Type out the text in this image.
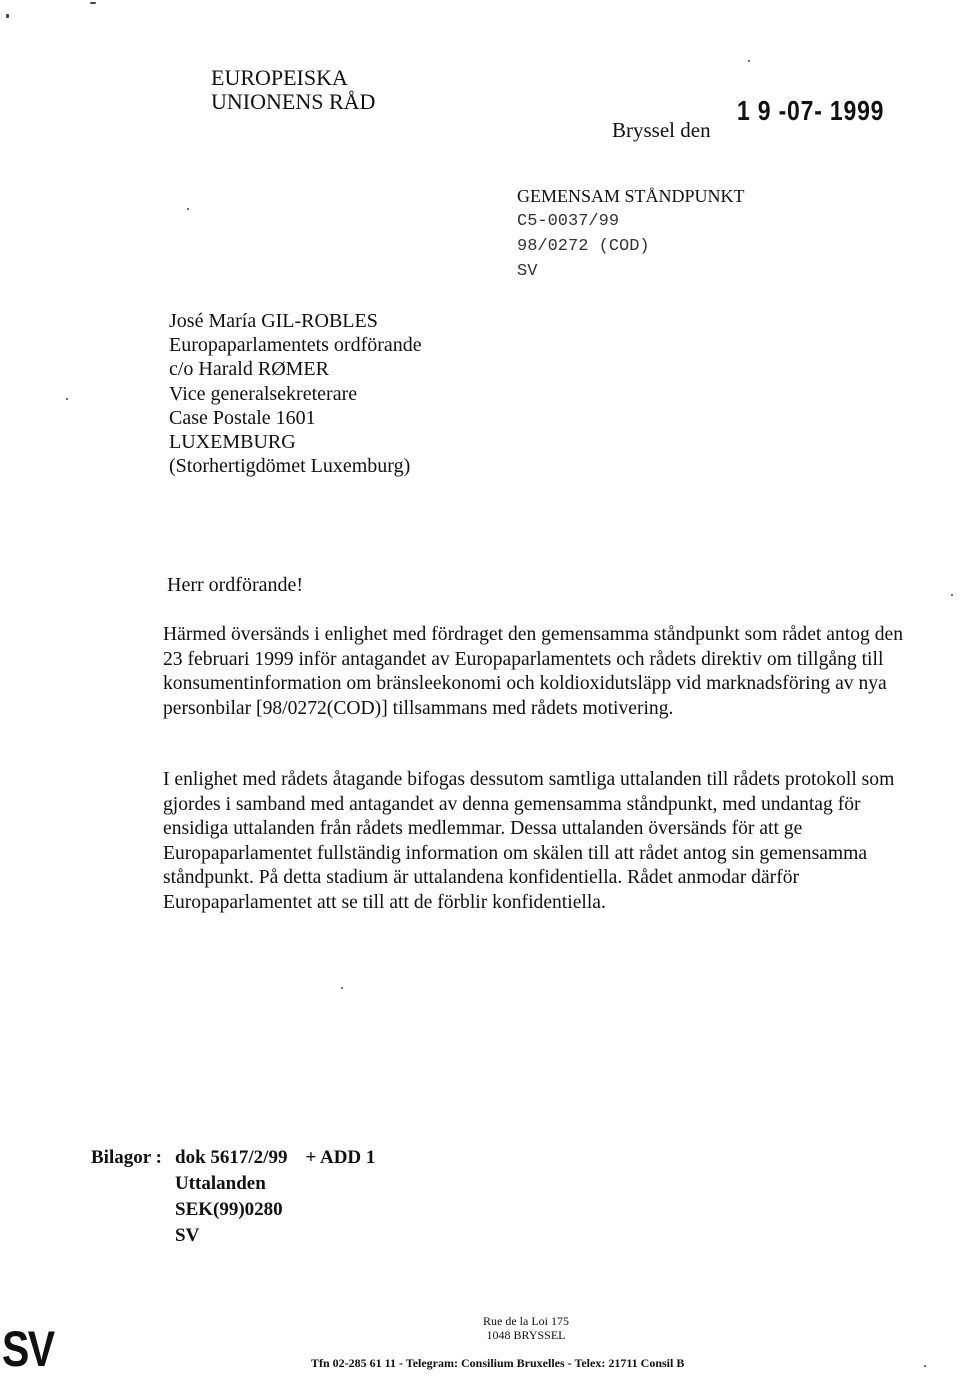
EUROPEISKA
UNIONENS RÅD
Bryssel den
1 9 -07- 1999
GEMENSAM STÅNDPUNKT
C5-0037/99
98/0272 (COD)
SV
José María GIL-ROBLES
Europaparlamentets ordförande
c/o Harald RØMER
Vice generalsekreterare
Case Postale 1601
LUXEMBURG
(Storhertigdömet Luxemburg)
Herr ordförande!
Härmed översänds i enlighet med fördraget den gemensamma ståndpunkt som rådet antog den 23 februari 1999 inför antagandet av Europaparlamentets och rådets direktiv om tillgång till konsumentinformation om bränsleekonomi och koldioxidutsläpp vid marknadsföring av nya personbilar [98/0272(COD)] tillsammans med rådets motivering.
I enlighet med rådets åtagande bifogas dessutom samtliga uttalanden till rådets protokoll som gjordes i samband med antagandet av denna gemensamma ståndpunkt, med undantag för ensidiga uttalanden från rådets medlemmar. Dessa uttalanden översänds för att ge Europaparlamentet fullständig information om skälen till att rådet antog sin gemensamma ståndpunkt. På detta stadium är uttalandena konfidentiella. Rådet anmodar därför Europaparlamentet att se till att de förblir konfidentiella.
Bilagor : dok 5617/2/99 + ADD 1
Uttalanden
SEK(99)0280
SV
SV	Rue de la Loi 175
1048 BRYSSEL
Tfn 02-285 61 11 - Telegram: Consilium Bruxelles - Telex: 21711 Consil B
